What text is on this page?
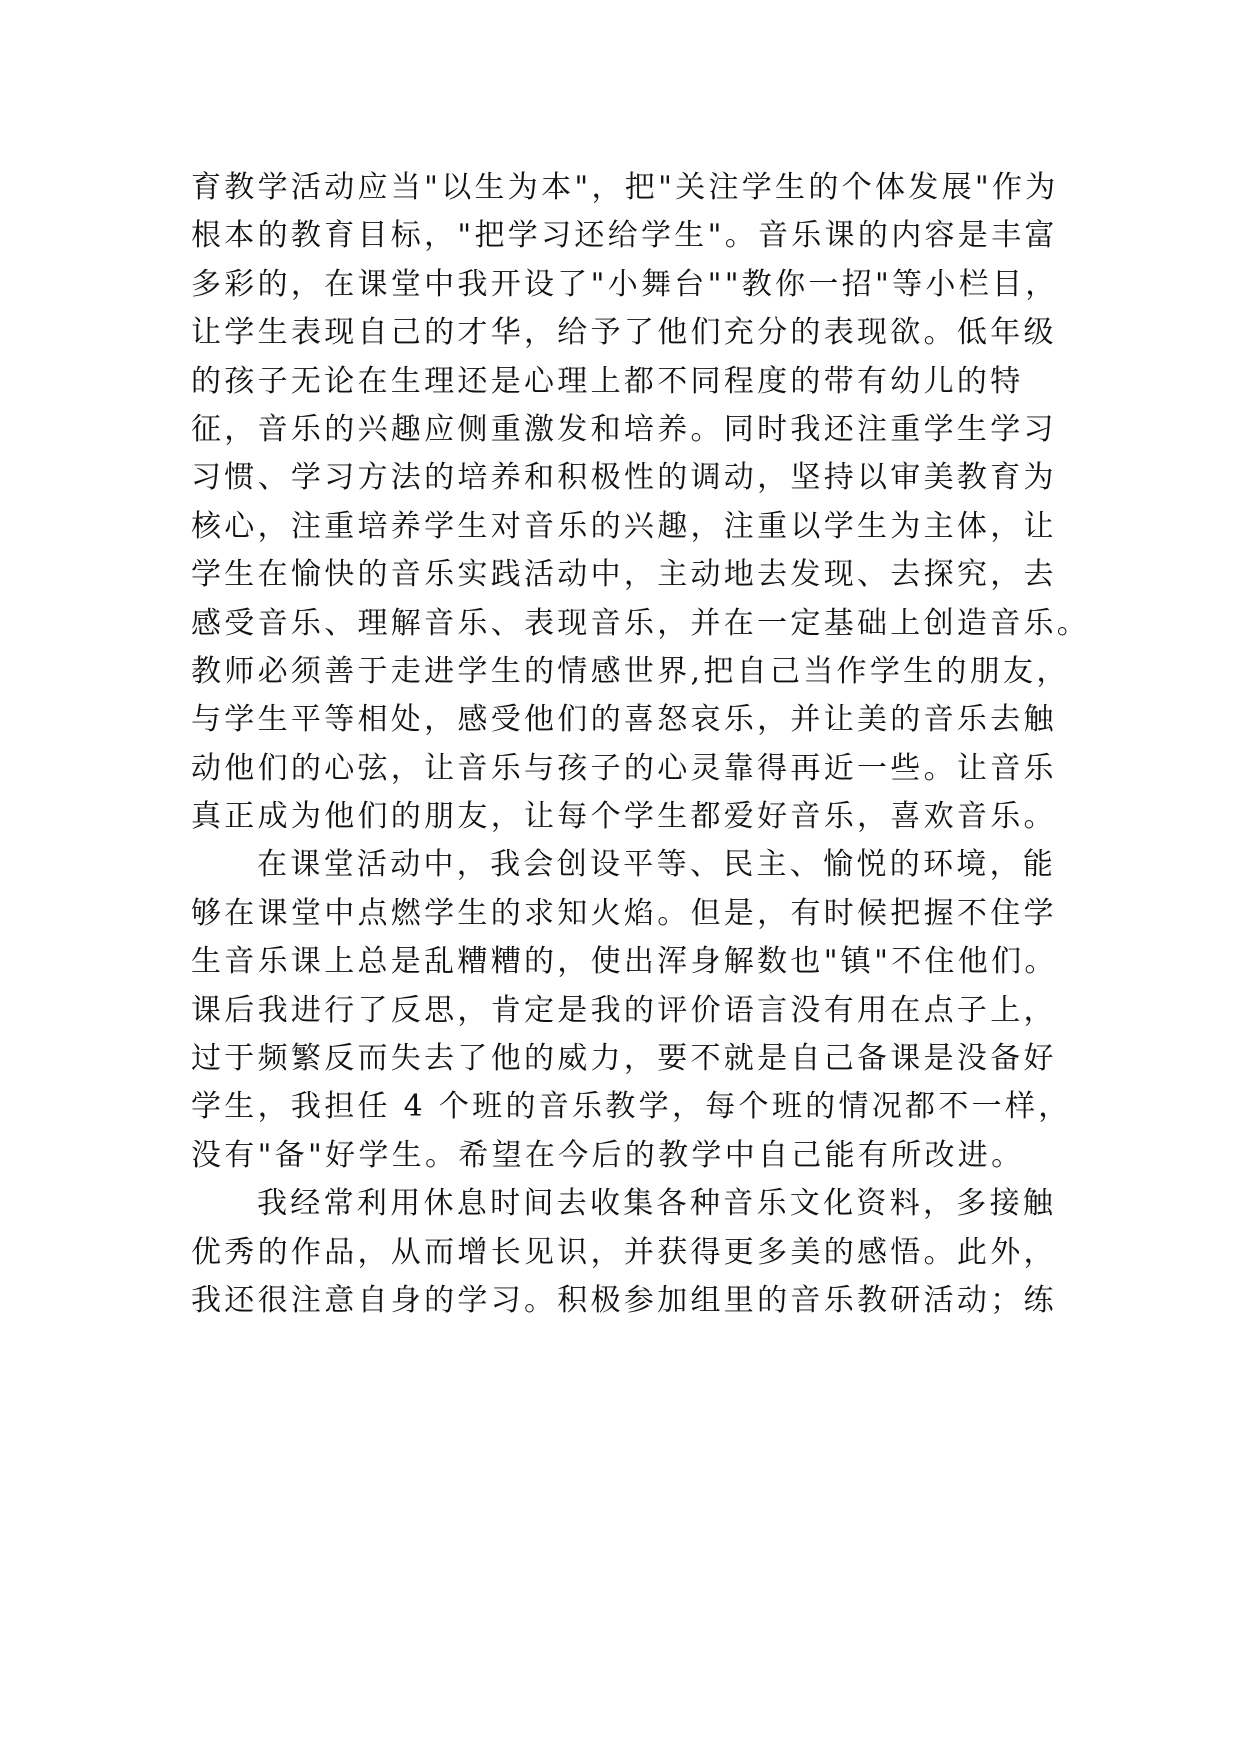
育教学活动应当"以生为本"，把"关注学生的个体发展"作为
根本的教育目标，"把学习还给学生"。音乐课的内容是丰富
多彩的，在课堂中我开设了"小舞台""教你一招"等小栏目，
让学生表现自己的才华，给予了他们充分的表现欲。低年级
的孩子无论在生理还是心理上都不同程度的带有幼儿的特
征，音乐的兴趣应侧重激发和培养。同时我还注重学生学习
习惯、学习方法的培养和积极性的调动，坚持以审美教育为
核心，注重培养学生对音乐的兴趣，注重以学生为主体，让
学生在愉快的音乐实践活动中，主动地去发现、去探究，去
感受音乐、理解音乐、表现音乐，并在一定基础上创造音乐。
教师必须善于走进学生的情感世界,把自己当作学生的朋友，
与学生平等相处，感受他们的喜怒哀乐，并让美的音乐去触
动他们的心弦，让音乐与孩子的心灵靠得再近一些。让音乐
真正成为他们的朋友，让每个学生都爱好音乐，喜欢音乐。
在课堂活动中，我会创设平等、民主、愉悦的环境，能
够在课堂中点燃学生的求知火焰。但是，有时候把握不住学
生音乐课上总是乱糟糟的，使出浑身解数也"镇"不住他们。
课后我进行了反思，肯定是我的评价语言没有用在点子上，
过于频繁反而失去了他的威力，要不就是自己备课是没备好
学生，我担任 4 个班的音乐教学，每个班的情况都不一样，
没有"备"好学生。希望在今后的教学中自己能有所改进。
我经常利用休息时间去收集各种音乐文化资料，多接触
优秀的作品，从而增长见识，并获得更多美的感悟。此外，
我还很注意自身的学习。积极参加组里的音乐教研活动；练
